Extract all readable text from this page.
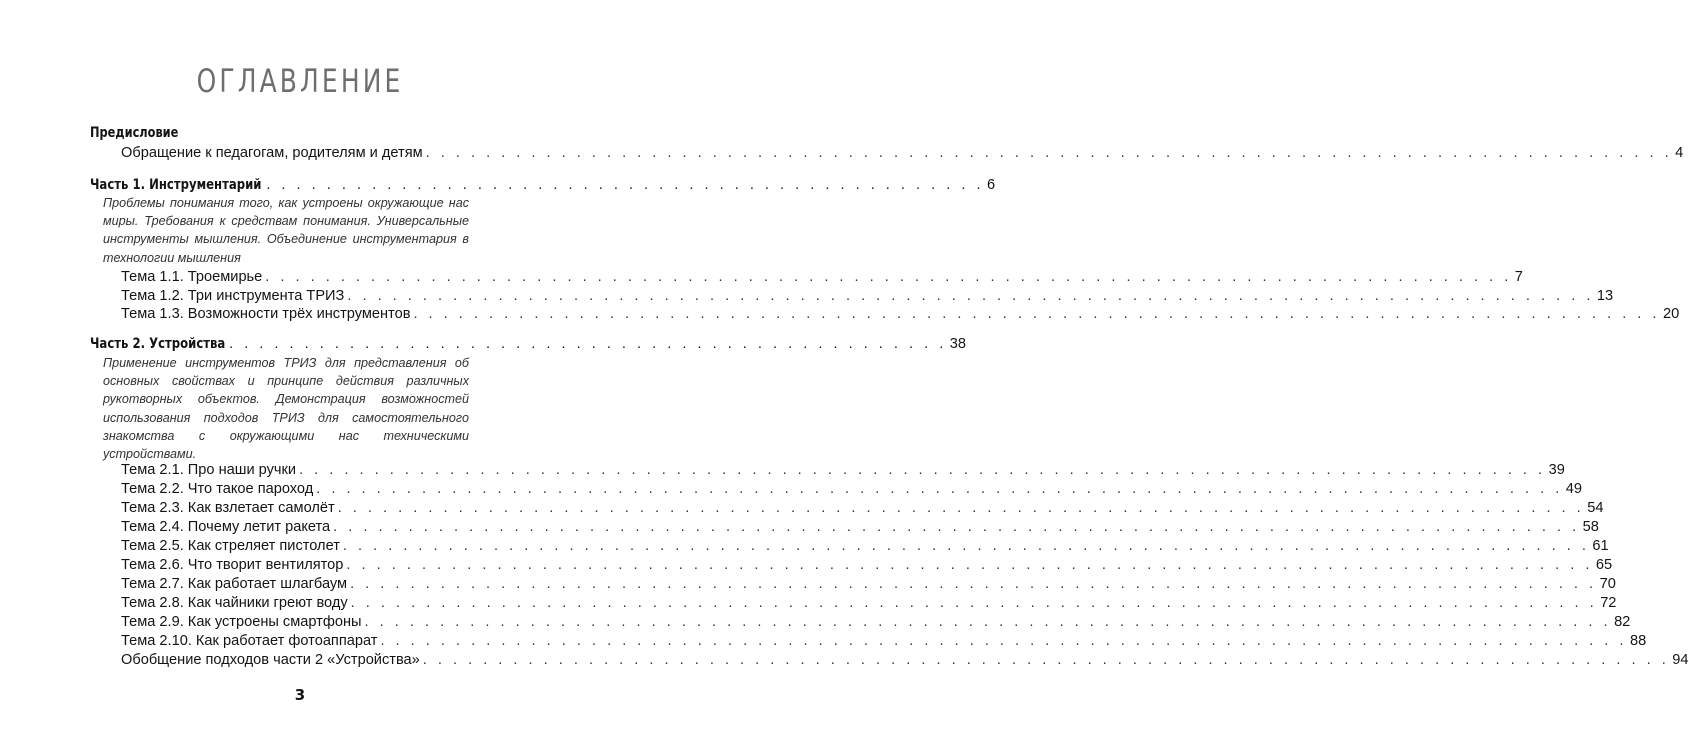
ОГЛАВЛЕНИЕ
Предисловие
Обращение к педагогам, родителям и детям . . .	4
Часть 1. Инструментарий . . . . . . . . . . . . . . . . . . . . . . . . . . . . . . . . . . . . . . . . . . . . . . . . 6
Проблемы понимания того, как устроены окружающие нас миры. Требования к средствам понимания. Универсальные инструменты мышления. Объединение инструментария в технологии мышления
Тема 1.1. Троемирье . . .	7
Тема 1.2. Три инструмента ТРИЗ . . .	13
Тема 1.3. Возможности трёх инструментов . . .	20
Часть 2. Устройства . . . . . . . . . . . . . . . . . . . . . . . . . . . . . . . . . . . . . . . . . . . . . . . . 38
Применение инструментов ТРИЗ для представления об основных свойствах и принципе действия различных рукотворных объектов. Демонстрация возможностей использования подходов ТРИЗ для самостоятельного знакомства с окружающими нас техническими устройствами.
Тема 2.1. Про наши ручки . . .	39
Тема 2.2. Что такое пароход . . .	49
Тема 2.3. Как взлетает самолёт . . .	54
Тема 2.4. Почему летит ракета . . .	58
Тема 2.5. Как стреляет пистолет . . .	61
Тема 2.6. Что творит вентилятор . . .	65
Тема 2.7. Как работает шлагбаум . . .	70
Тема 2.8. Как чайники греют воду . . .	72
Тема 2.9. Как устроены смартфоны . . .	82
Тема 2.10. Как работает фотоаппарат . . .	88
Обобщение подходов части 2 «Устройства» . . .	94
3
